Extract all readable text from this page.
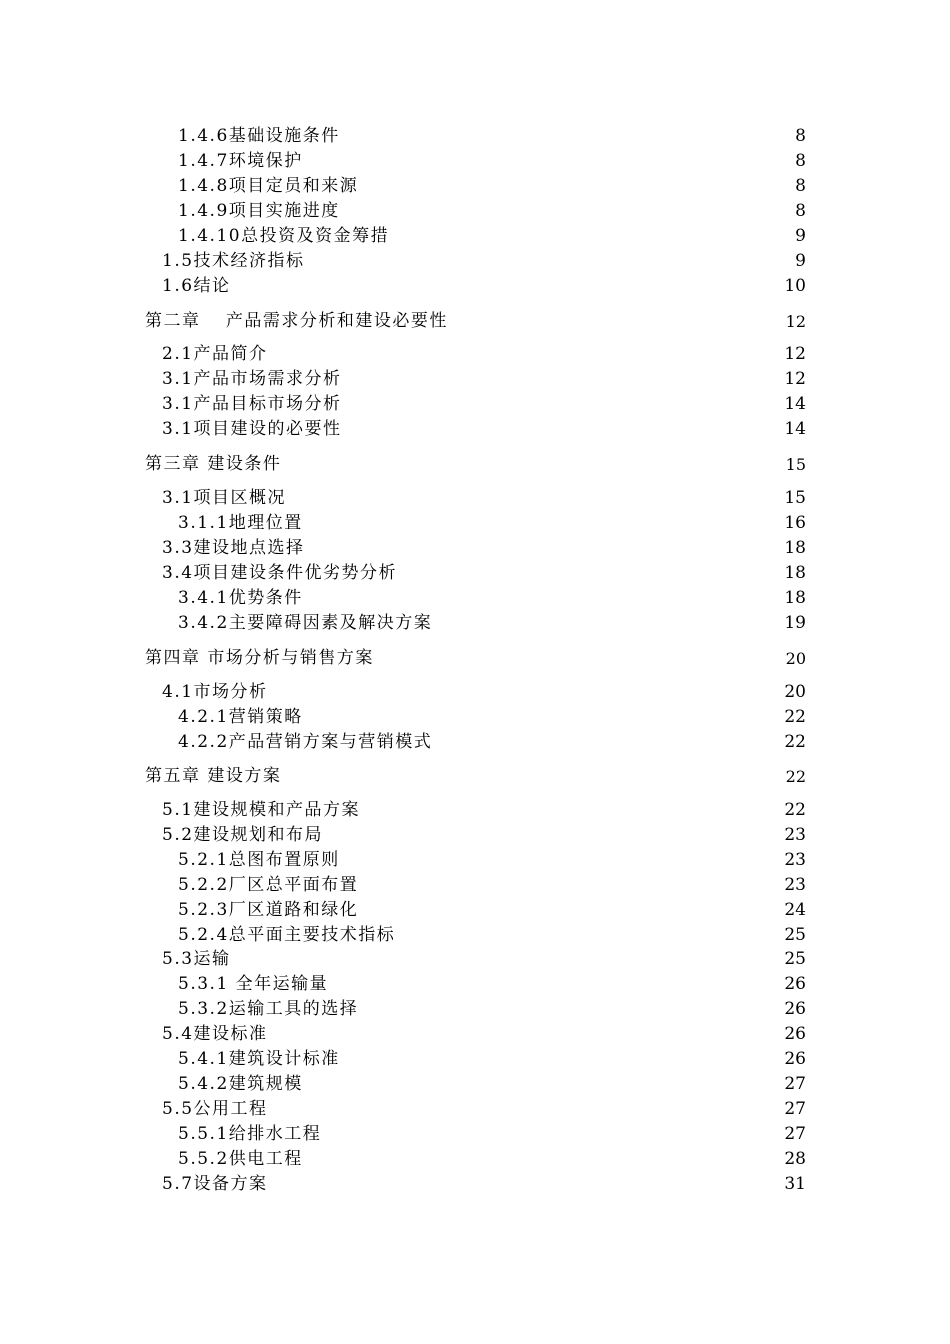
1.4.6基础设施条件	8
1.4.7环境保护	8
1.4.8项目定员和来源	8
1.4.9项目实施进度	8
1.4.10总投资及资金筹措	9
1.5技术经济指标	9
1.6结论	10
第二章　 产品需求分析和建设必要性	12
2.1产品简介	12
3.1产品市场需求分析	12
3.1产品目标市场分析	14
3.1项目建设的必要性	14
第三章 建设条件	15
3.1项目区概况	15
3.1.1地理位置	16
3.3建设地点选择	18
3.4项目建设条件优劣势分析	18
3.4.1优势条件	18
3.4.2主要障碍因素及解决方案	19
第四章 市场分析与销售方案	20
4.1市场分析	20
4.2.1营销策略	22
4.2.2产品营销方案与营销模式	22
第五章 建设方案	22
5.1建设规模和产品方案	22
5.2建设规划和布局	23
5.2.1总图布置原则	23
5.2.2厂区总平面布置	23
5.2.3厂区道路和绿化	24
5.2.4总平面主要技术指标	25
5.3运输	25
5.3.1 全年运输量	26
5.3.2运输工具的选择	26
5.4建设标准	26
5.4.1建筑设计标准	26
5.4.2建筑规模	27
5.5公用工程	27
5.5.1给排水工程	27
5.5.2供电工程	28
5.7设备方案	31
